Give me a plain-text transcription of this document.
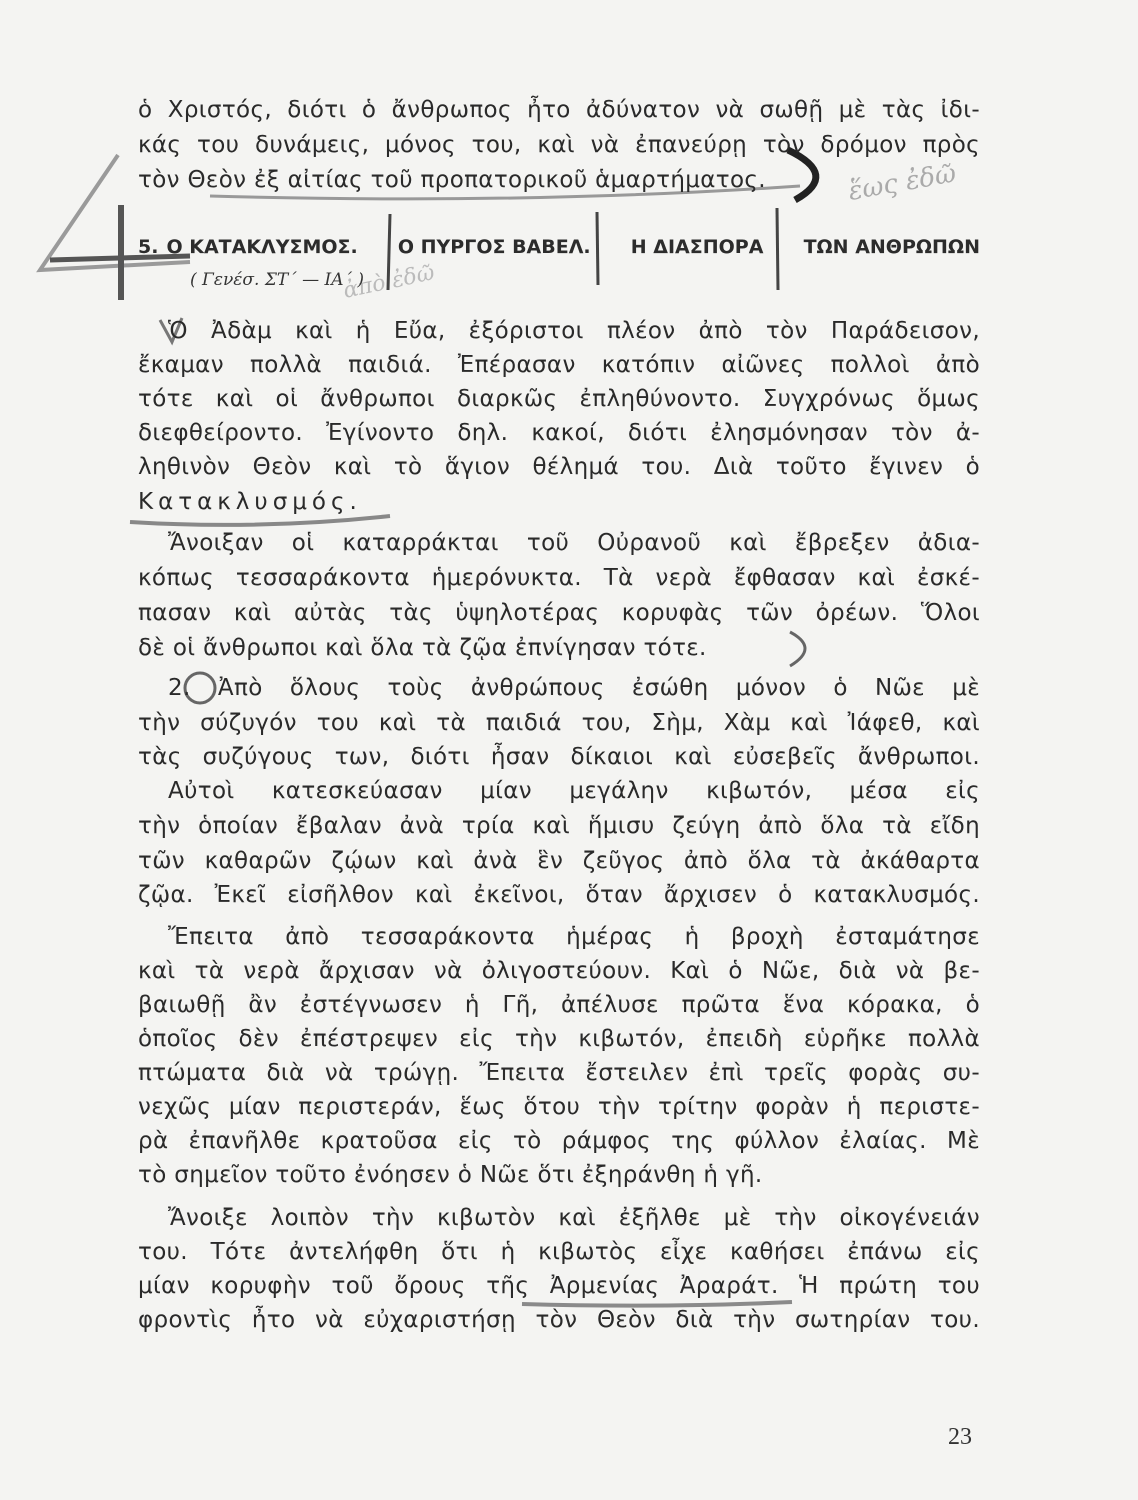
ἕως ἐδῶ
ἀπὸ ἐδῶ
4
ὁ Χριστός, διότι ὁ ἄνθρωπος ἦτο ἀδύνατον νὰ σωθῇ μὲ τὰς ἰδι-
κάς του δυνάμεις, μόνος του, καὶ νὰ ἐπανεύρῃ τὸν δρόμον πρὸς
τὸν Θεὸν ἐξ αἰτίας τοῦ προπατορικοῦ ἁμαρτήματος.
5. Ο ΚΑΤΑΚΛΥΣΜΟΣ. Ο ΠΥΡΓΟΣ ΒΑΒΕΛ. Η ΔΙΑΣΠΟΡΑ ΤΩΝ ΑΝΘΡΩΠΩΝ
( Γενέσ. ΣΤ΄ — ΙΑ΄ )
Ὁ Ἀδὰμ καὶ ἡ Εὔα, ἐξόριστοι πλέον ἀπὸ τὸν Παράδεισον,
ἔκαμαν πολλὰ παιδιά. Ἐπέρασαν κατόπιν αἰῶνες πολλοὶ ἀπὸ
τότε καὶ οἱ ἄνθρωποι διαρκῶς ἐπληθύνοντο. Συγχρόνως ὅμως
διεφθείροντο. Ἐγίνοντο δηλ. κακοί, διότι ἐλησμόνησαν τὸν ἀ-
ληθινὸν Θεὸν καὶ τὸ ἅγιον θέλημά του. Διὰ τοῦτο ἔγινεν ὁ
Κατακλυσμός.
Ἄνοιξαν οἱ καταρράκται τοῦ Οὐρανοῦ καὶ ἔβρεξεν ἀδια-
κόπως τεσσαράκοντα ἡμερόνυκτα. Τὰ νερὰ ἔφθασαν καὶ ἐσκέ-
πασαν καὶ αὐτὰς τὰς ὑψηλοτέρας κορυφὰς τῶν ὀρέων. Ὅλοι
δὲ οἱ ἄνθρωποι καὶ ὅλα τὰ ζῷα ἐπνίγησαν τότε.
2. Ἀπὸ ὅλους τοὺς ἀνθρώπους ἐσώθη μόνον ὁ Νῶε μὲ
τὴν σύζυγόν του καὶ τὰ παιδιά του, Σὴμ, Χὰμ καὶ Ἰάφεθ, καὶ
τὰς συζύγους των, διότι ἦσαν δίκαιοι καὶ εὐσεβεῖς ἄνθρωποι.
Αὐτοὶ κατεσκεύασαν μίαν μεγάλην κιβωτόν, μέσα εἰς
τὴν ὁποίαν ἔβαλαν ἀνὰ τρία καὶ ἥμισυ ζεύγη ἀπὸ ὅλα τὰ εἴδη
τῶν καθαρῶν ζῴων καὶ ἀνὰ ἓν ζεῦγος ἀπὸ ὅλα τὰ ἀκάθαρτα
ζῷα. Ἐκεῖ εἰσῆλθον καὶ ἐκεῖνοι, ὅταν ἄρχισεν ὁ κατακλυσμός.
Ἔπειτα ἀπὸ τεσσαράκοντα ἡμέρας ἡ βροχὴ ἐσταμάτησε
καὶ τὰ νερὰ ἄρχισαν νὰ ὀλιγοστεύουν. Καὶ ὁ Νῶε, διὰ νὰ βε-
βαιωθῇ ἂν ἐστέγνωσεν ἡ Γῆ, ἀπέλυσε πρῶτα ἕνα κόρακα, ὁ
ὁποῖος δὲν ἐπέστρεψεν εἰς τὴν κιβωτόν, ἐπειδὴ εὑρῆκε πολλὰ
πτώματα διὰ νὰ τρώγῃ. Ἔπειτα ἔστειλεν ἐπὶ τρεῖς φορὰς συ-
νεχῶς μίαν περιστεράν, ἕως ὅτου τὴν τρίτην φορὰν ἡ περιστε-
ρὰ ἐπανῆλθε κρατοῦσα εἰς τὸ ράμφος της φύλλον ἐλαίας. Μὲ
τὸ σημεῖον τοῦτο ἐνόησεν ὁ Νῶε ὅτι ἐξηράνθη ἡ γῆ.
Ἄνοιξε λοιπὸν τὴν κιβωτὸν καὶ ἐξῆλθε μὲ τὴν οἰκογένειάν
του. Τότε ἀντελήφθη ὅτι ἡ κιβωτὸς εἶχε καθήσει ἐπάνω εἰς
μίαν κορυφὴν τοῦ ὄρους τῆς Ἀρμενίας Ἀραράτ. Ἡ πρώτη του
φροντὶς ἦτο νὰ εὐχαριστήσῃ τὸν Θεὸν διὰ τὴν σωτηρίαν του.
23
